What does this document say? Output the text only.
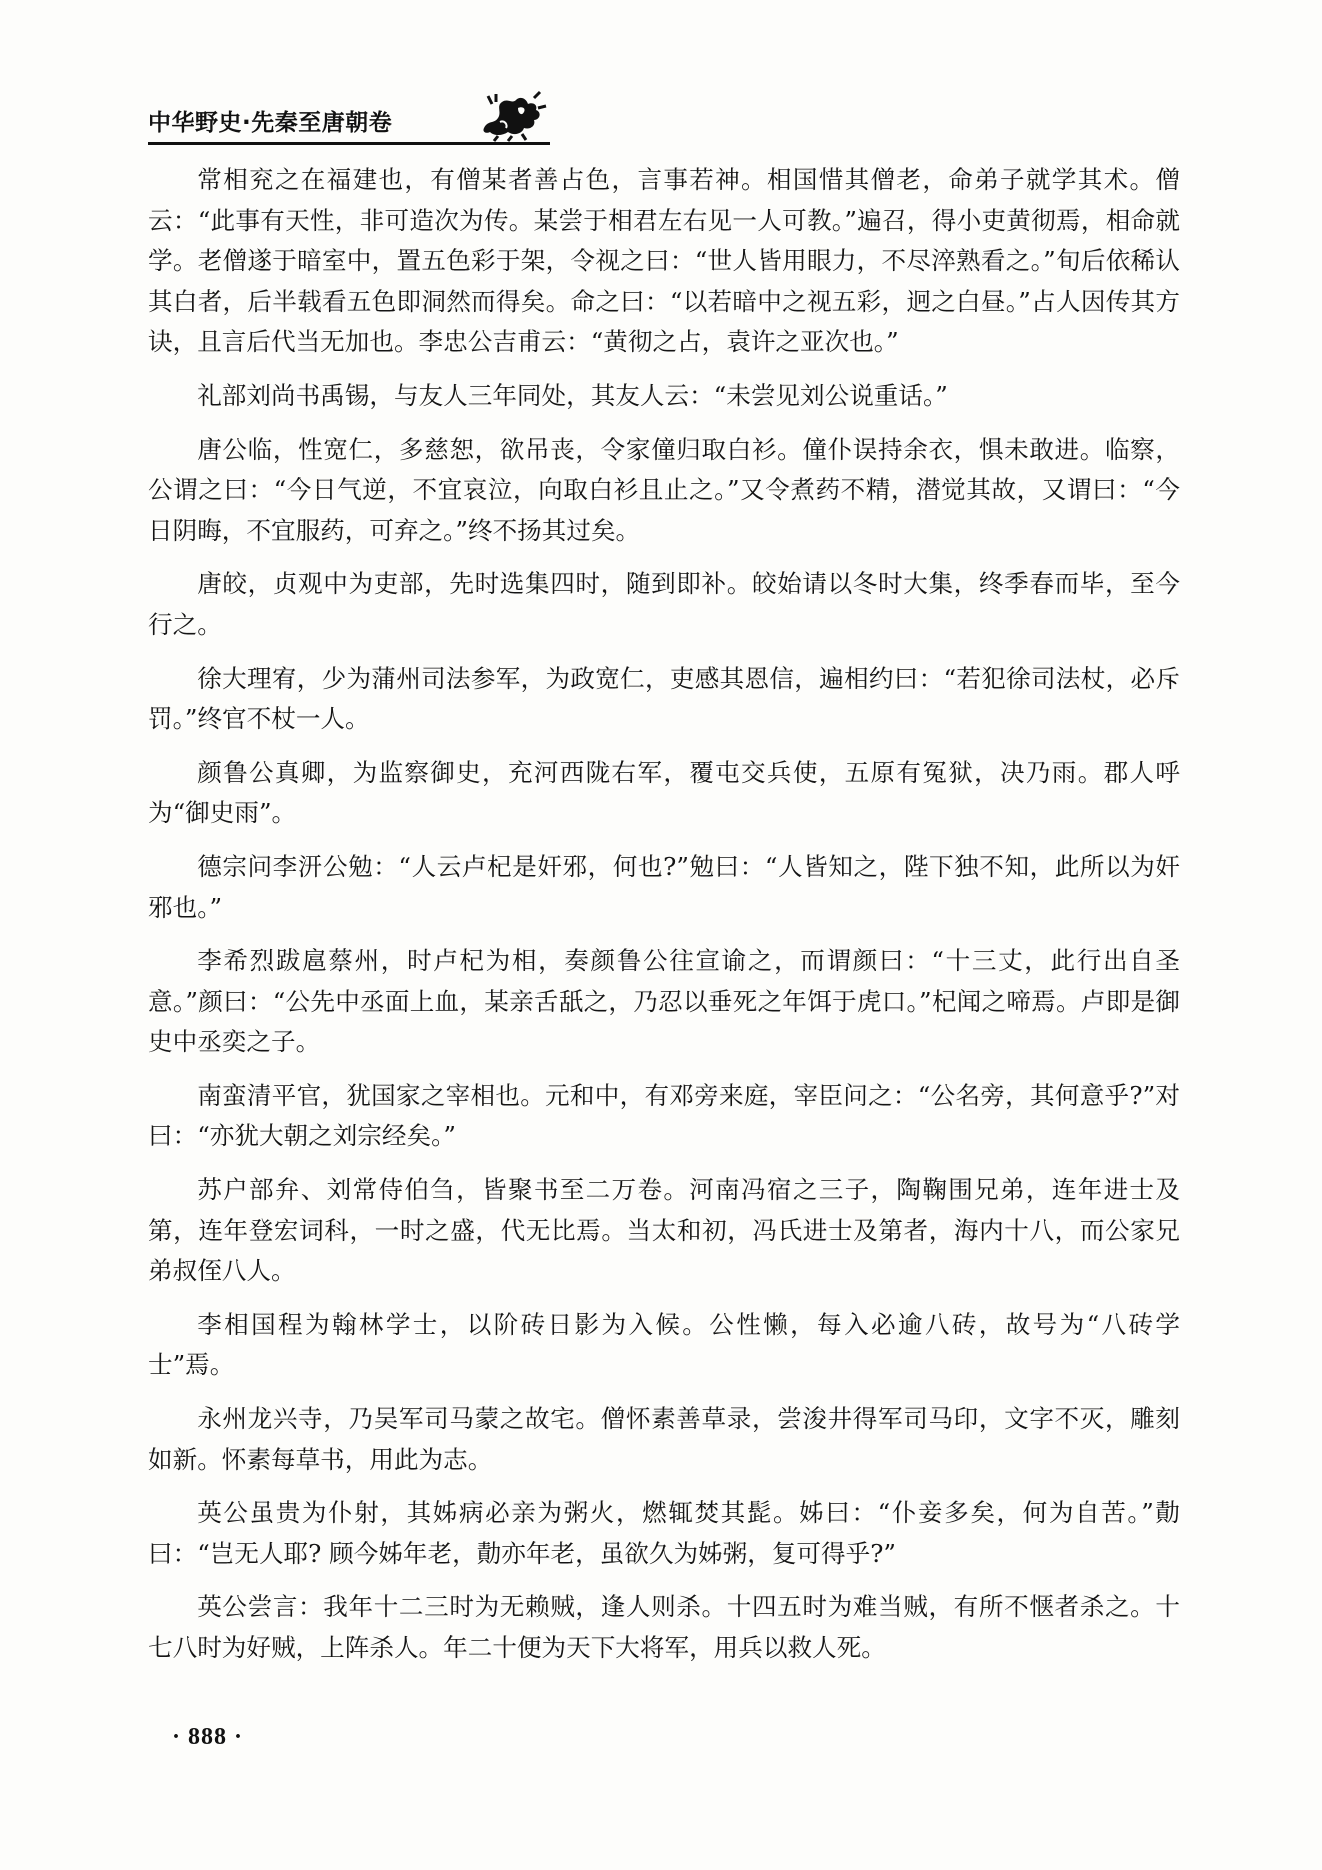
中华野史·先秦至唐朝卷

常相兖之在福建也，有僧某者善占色，言事若神。相国惜其僧老，命弟子就学其术。僧云：“此事有天性，非可造次为传。某尝于相君左右见一人可教。”遍召，得小吏黄彻焉，相命就学。老僧遂于暗室中，置五色彩于架，令视之曰：“世人皆用眼力，不尽淬熟看之。”旬后依稀认其白者，后半载看五色即洞然而得矣。命之曰：“以若暗中之视五彩，迥之白昼。”占人因传其方诀，且言后代当无加也。李忠公吉甫云：“黄彻之占，袁许之亚次也。”

礼部刘尚书禹锡，与友人三年同处，其友人云：“未尝见刘公说重话。”

唐公临，性宽仁，多慈恕，欲吊丧，令家僮归取白衫。僮仆误持余衣，惧未敢进。临察，公谓之曰：“今日气逆，不宜哀泣，向取白衫且止之。”又令煮药不精，潜觉其故，又谓曰：“今日阴晦，不宜服药，可弃之。”终不扬其过矣。

唐皎，贞观中为吏部，先时选集四时，随到即补。皎始请以冬时大集，终季春而毕，至今行之。

徐大理宥，少为蒲州司法参军，为政宽仁，吏感其恩信，遍相约曰：“若犯徐司法杖，必斥罚。”终官不杖一人。

颜鲁公真卿，为监察御史，充河西陇右军，覆屯交兵使，五原有冤狱，决乃雨。郡人呼为“御史雨”。

德宗问李汧公勉：“人云卢杞是奸邪，何也?”勉曰：“人皆知之，陛下独不知，此所以为奸邪也。”

李希烈跋扈蔡州，时卢杞为相，奏颜鲁公往宣谕之，而谓颜曰：“十三丈，此行出自圣意。”颜曰：“公先中丞面上血，某亲舌舐之，乃忍以垂死之年饵于虎口。”杞闻之啼焉。卢即是御史中丞奕之子。

南蛮清平官，犹国家之宰相也。元和中，有邓旁来庭，宰臣问之：“公名旁，其何意乎?”对曰：“亦犹大朝之刘宗经矣。”

苏户部弁、刘常侍伯刍，皆聚书至二万卷。河南冯宿之三子，陶鞠围兄弟，连年进士及第，连年登宏词科，一时之盛，代无比焉。当太和初，冯氏进士及第者，海内十八，而公家兄弟叔侄八人。

李相国程为翰林学士，以阶砖日影为入候。公性懒，每入必逾八砖，故号为“八砖学士”焉。

永州龙兴寺，乃吴军司马蒙之故宅。僧怀素善草录，尝浚井得军司马印，文字不灭，雕刻如新。怀素每草书，用此为志。

英公虽贵为仆射，其姊病必亲为粥火，燃辄焚其髭。姊曰：“仆妾多矣，何为自苦。”勣曰：“岂无人耶? 顾今姊年老，勣亦年老，虽欲久为姊粥，复可得乎?”

英公尝言：我年十二三时为无赖贼，逢人则杀。十四五时为难当贼，有所不惬者杀之。十七八时为好贼，上阵杀人。年二十便为天下大将军，用兵以救人死。

· 888 ·
